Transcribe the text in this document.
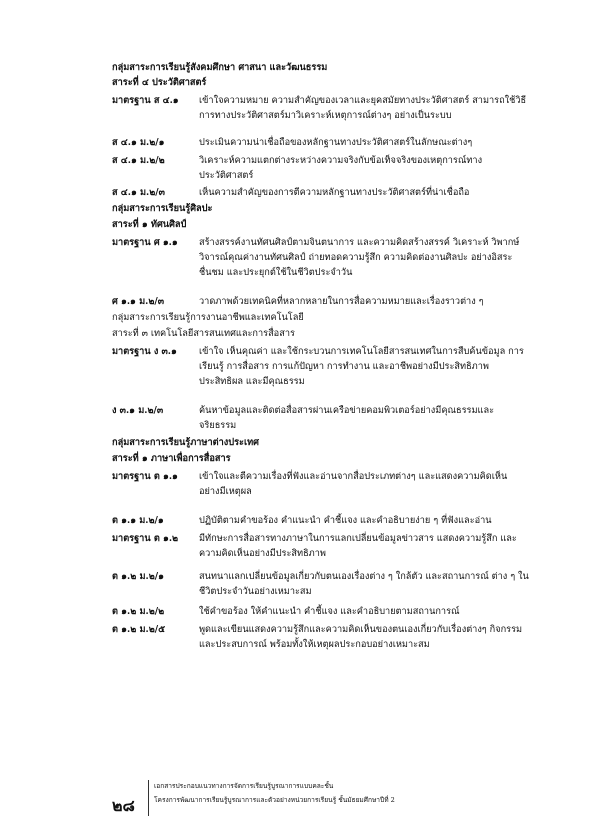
กลุ่มสาระการเรียนรู้สังคมศึกษา ศาสนา และวัฒนธรรม
สาระที่ ๔ ประวัติศาสตร์
มาตรฐาน ส ๔.๑	เข้าใจความหมาย ความสำคัญของเวลาและยุคสมัยทางประวัติศาสตร์ สามารถใช้วิธีการทางประวัติศาสตร์มาวิเคราะห์เหตุการณ์ต่างๆ อย่างเป็นระบบ
ส ๔.๑ ม.๒/๑	ประเมินความน่าเชื่อถือของหลักฐานทางประวัติศาสตร์ในลักษณะต่างๆ
ส ๔.๑ ม.๒/๒	วิเคราะห์ความแตกต่างระหว่างความจริงกับข้อเท็จจริงของเหตุการณ์ทาง ประวัติศาสตร์
ส ๔.๑ ม.๒/๓	เห็นความสำคัญของการตีความหลักฐานทางประวัติศาสตร์ที่น่าเชื่อถือ
กลุ่มสาระการเรียนรู้ศิลปะ
สาระที่ ๑ ทัศนศิลป์
มาตรฐาน ศ ๑.๑	สร้างสรรค์งานทัศนศิลป์ตามจินตนาการ และความคิดสร้างสรรค์ วิเคราะห์ วิพากษ์วิจารณ์คุณค่างานทัศนศิลป์ ถ่ายทอดความรู้สึก ความคิดต่องานศิลปะ อย่างอิสระ ชื่นชม และประยุกต์ใช้ในชีวิตประจำวัน
ศ ๑.๑ ม.๒/๓	วาดภาพด้วยเทคนิคที่หลากหลายในการสื่อความหมายและเรื่องราวต่าง ๆ
กลุ่มสาระการเรียนรู้การงานอาชีพและเทคโนโลยี
สาระที่ ๓ เทคโนโลยีสารสนเทศและการสื่อสาร
มาตรฐาน ง ๓.๑	เข้าใจ เห็นคุณค่า และใช้กระบวนการเทคโนโลยีสารสนเทศในการสืบค้นข้อมูล การเรียนรู้ การสื่อสาร การแก้ปัญหา การทำงาน และอาชีพอย่างมีประสิทธิภาพ ประสิทธิผล และมีคุณธรรม
ง ๓.๑ ม.๒/๓	ค้นหาข้อมูลและติดต่อสื่อสารผ่านเครือข่ายคอมพิวเตอร์อย่างมีคุณธรรมและ จริยธรรม
กลุ่มสาระการเรียนรู้ภาษาต่างประเทศ
สาระที่ ๑ ภาษาเพื่อการสื่อสาร
มาตรฐาน ต ๑.๑	เข้าใจและตีความเรื่องที่ฟังและอ่านจากสื่อประเภทต่างๆ และแสดงความคิดเห็น อย่างมีเหตุผล
ต ๑.๑ ม.๒/๑	ปฏิบัติตามคำขอร้อง คำแนะนำ คำชี้แจง และคำอธิบายง่าย ๆ ที่ฟังและอ่าน
มาตรฐาน ต ๑.๒	มีทักษะการสื่อสารทางภาษาในการแลกเปลี่ยนข้อมูลข่าวสาร แสดงความรู้สึก และความคิดเห็นอย่างมีประสิทธิภาพ
ต ๑.๒ ม.๒/๑	สนทนาแลกเปลี่ยนข้อมูลเกี่ยวกับตนเองเรื่องต่าง ๆ ใกล้ตัว และสถานการณ์ ต่าง ๆ ในชีวิตประจำวันอย่างเหมาะสม
ต ๑.๒ ม.๒/๒	ใช้คำขอร้อง ให้คำแนะนำ คำชี้แจง และคำอธิบายตามสถานการณ์
ต ๑.๒ ม.๒/๕	พูดและเขียนแสดงความรู้สึกและความคิดเห็นของตนเองเกี่ยวกับเรื่องต่างๆ กิจกรรม และประสบการณ์ พร้อมทั้งให้เหตุผลประกอบอย่างเหมาะสม
๒๘
เอกสารประกอบแนวทางการจัดการเรียนรู้บูรณาการแบบคละชั้น
โครงการพัฒนาการเรียนรู้บูรณาการและตัวอย่างหน่วยการเรียนรู้ ชั้นมัธยมศึกษาปีที่ 2
